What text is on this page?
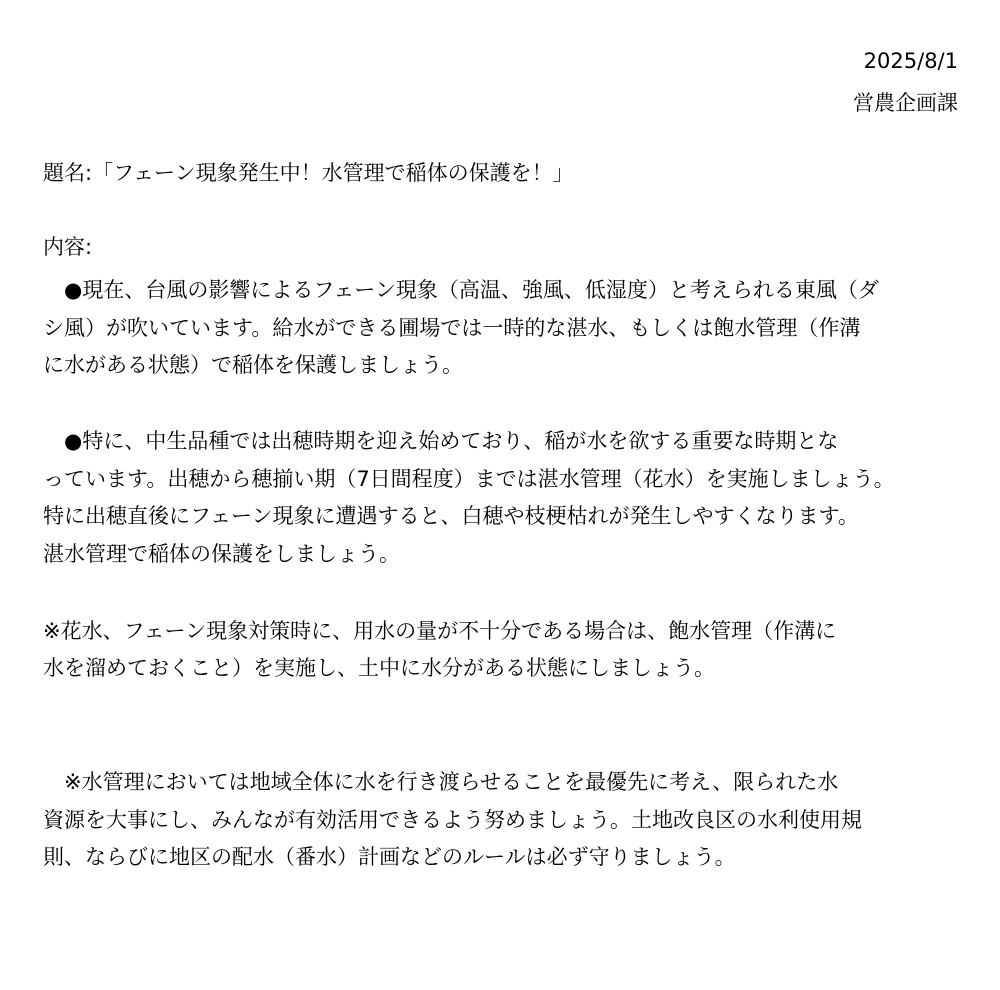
2025/8/1
営農企画課
題名:「フェーン現象発生中！水管理で稲体の保護を！」
内容:
　●現在、台風の影響によるフェーン現象（高温、強風、低湿度）と考えられる東風（ダ
シ風）が吹いています。給水ができる圃場では一時的な湛水、もしくは飽水管理（作溝
に水がある状態）で稲体を保護しましょう。
　●特に、中生品種では出穂時期を迎え始めており、稲が水を欲する重要な時期とな
っています。出穂から穂揃い期（7日間程度）までは湛水管理（花水）を実施しましょう。
特に出穂直後にフェーン現象に遭遇すると、白穂や枝梗枯れが発生しやすくなります。
湛水管理で稲体の保護をしましょう。
※花水、フェーン現象対策時に、用水の量が不十分である場合は、飽水管理（作溝に
水を溜めておくこと）を実施し、土中に水分がある状態にしましょう。
　※水管理においては地域全体に水を行き渡らせることを最優先に考え、限られた水
資源を大事にし、みんなが有効活用できるよう努めましょう。土地改良区の水利使用規
則、ならびに地区の配水（番水）計画などのルールは必ず守りましょう。
